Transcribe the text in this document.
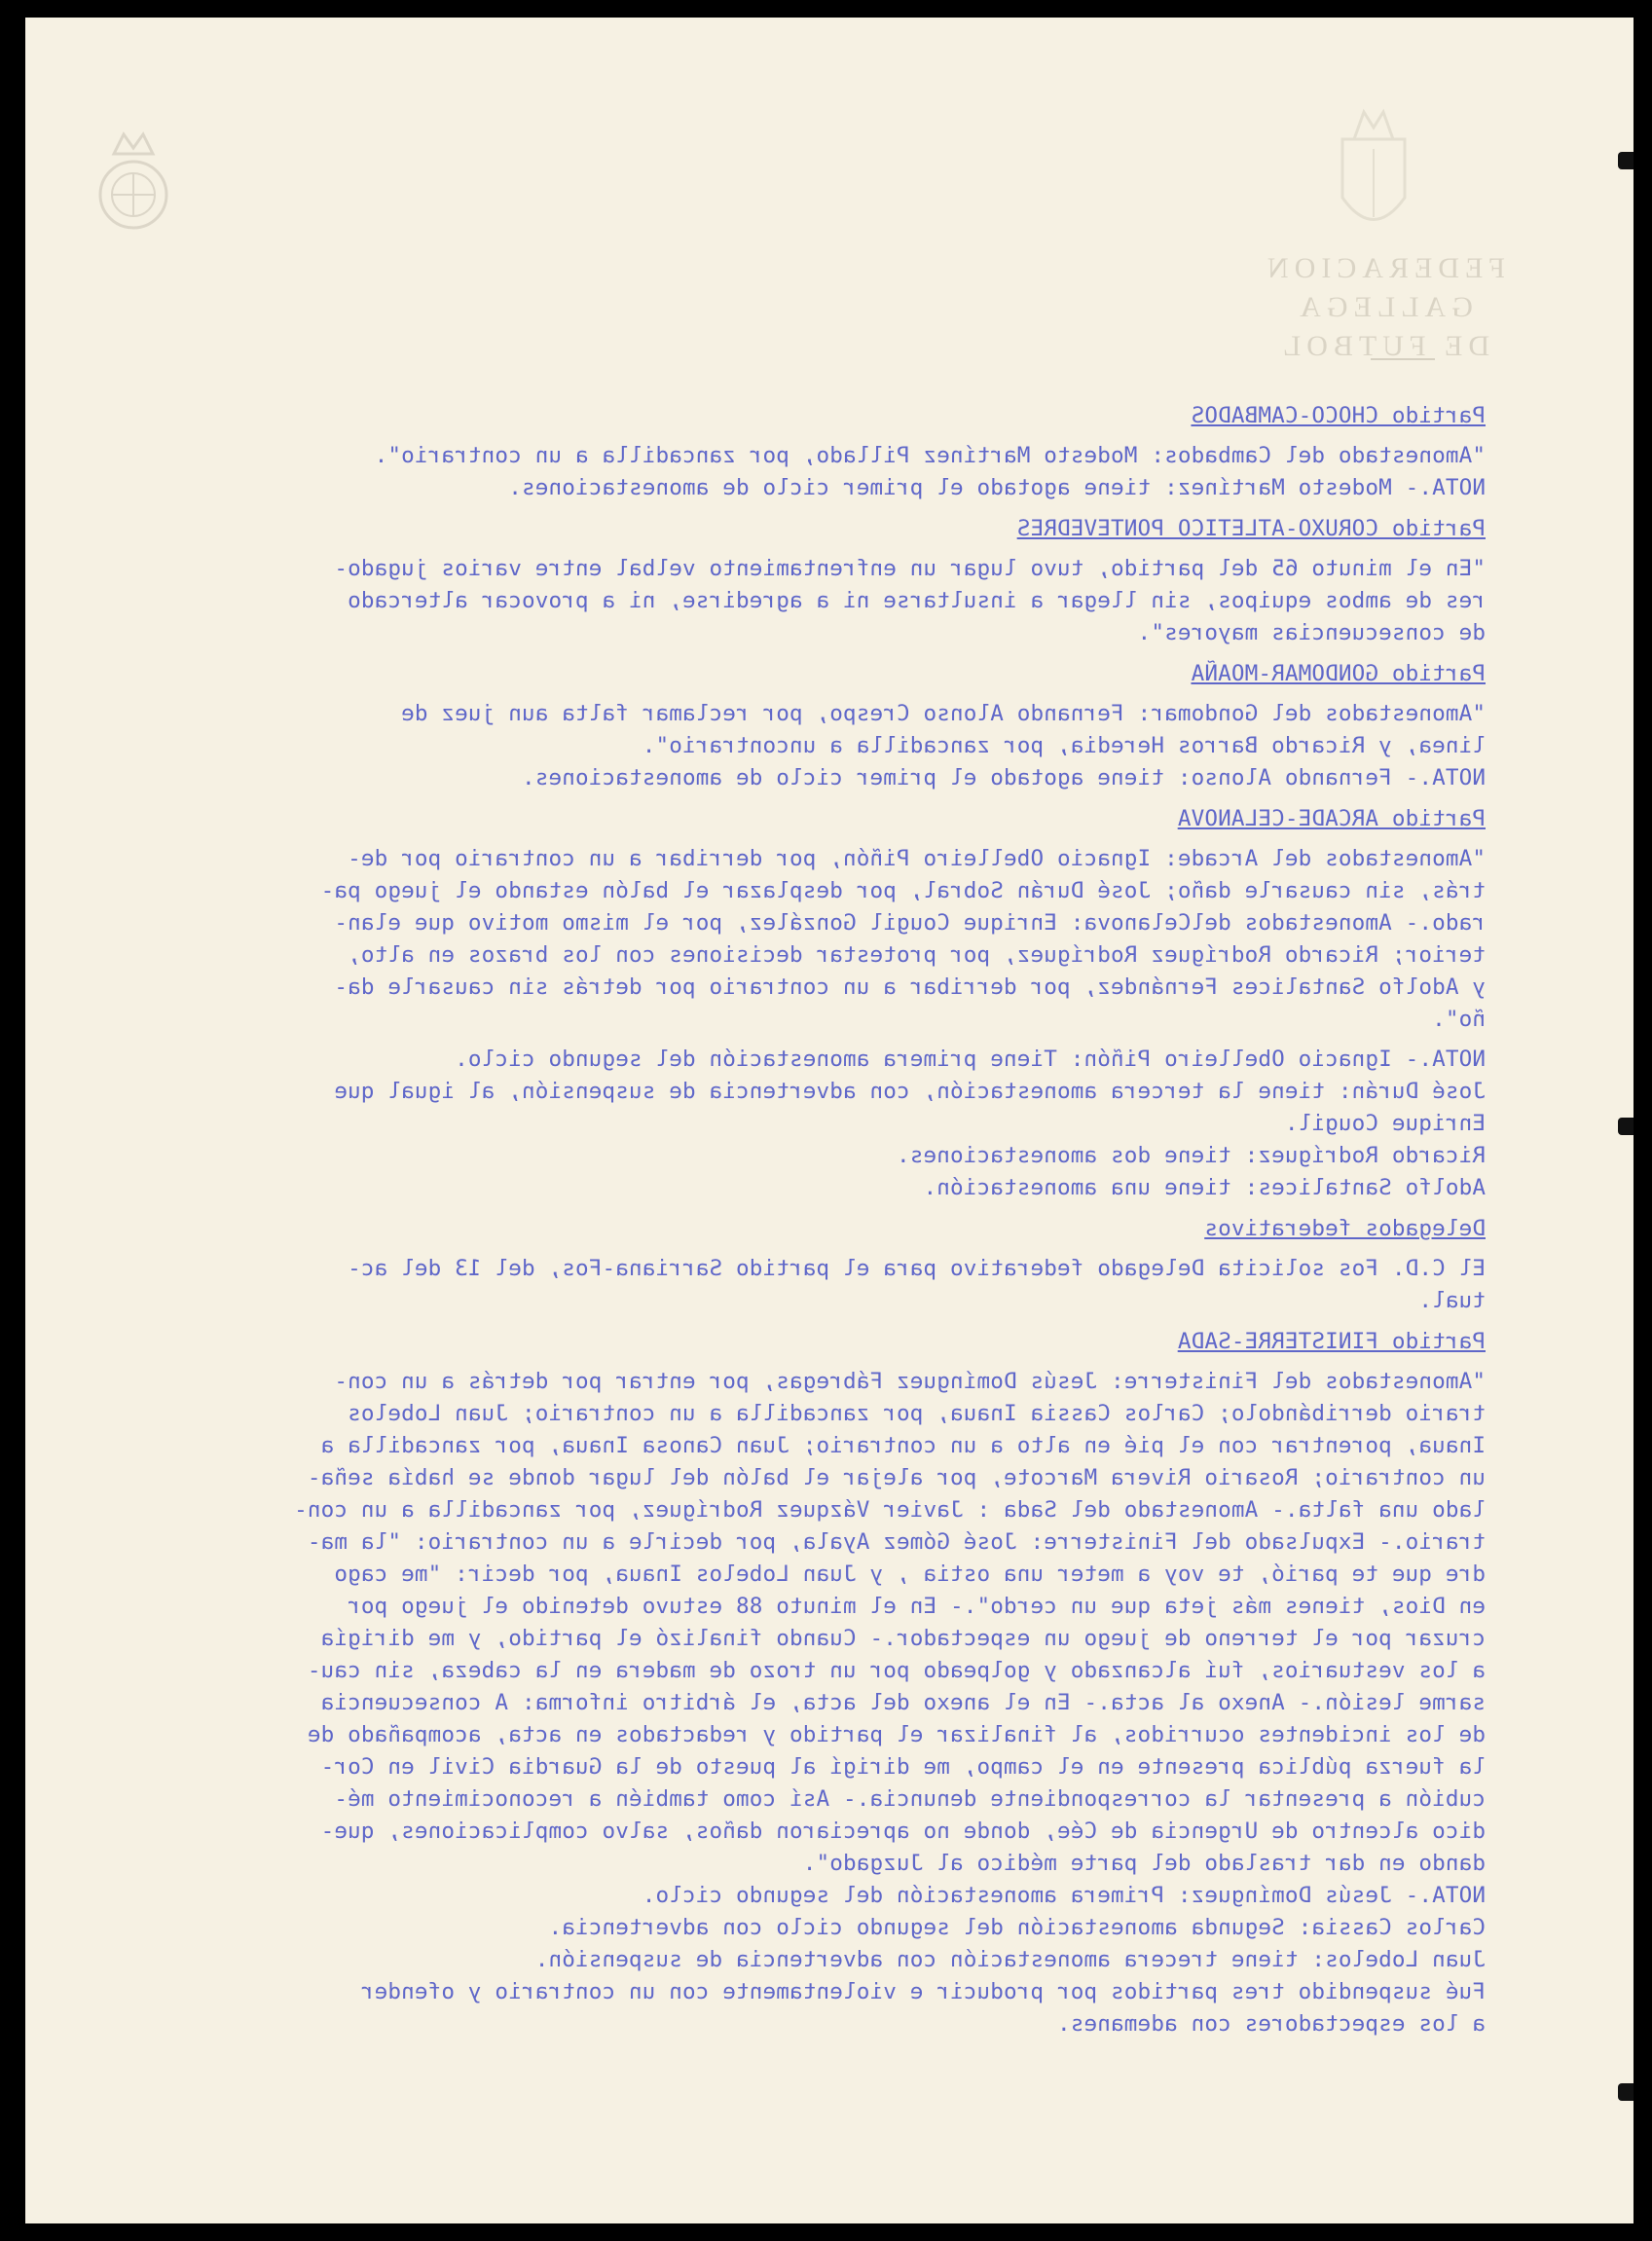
FEDERACION GALLEGA
DE FUTBOL

Partido CHOCO-CAMBADOS

"Amonestado del Cambados: Modesto Martínez Pillado, por zancadilla a un contrario".

NOTA.- Modesto Martínez: tiene agotado el primer ciclo de amonestaciones.

Partido CORUXO-ATLETICO PONTEVEDRES

"En el minuto 65 del partido, tuvo lugar un enfrentamiento velbal entre varios jugado-

res de ambos equipos, sin llegar a insultarse ni a agredirse, ni a provocar altercado

de consecuencias mayores".

Partido GONDOMAR-MOAÑA

"Amonestados del Gondomar: Fernando Alonso Crespo, por reclamar falta aun juez de

linea, y Ricardo Barros Heredia, por zancadilla a uncontrario".

NOTA.- Fernando Alonso: tiene agotado el primer ciclo de amonestaciones.

Partido ARCADE-CELANOVA

"Amonestados del Arcade: Ignacio Obelleiro Piñón, por derribar a un contrario por de-

trás, sin causarle daño; José Durán Sobral, por desplazar el balón estando el juego pa-

rado.- Amonestados delCelanova: Enrique Cougil González, por el mismo motivo que elan-

terior; Ricardo Rodríguez Rodríguez, por protestar decisiones con los brazos en alto,

y Adolfo Santalices Fernández, por derribar a un contrario por detrás sin causarle da-

ño".

NOTA.- Ignacio Obelleiro Piñón: Tiene primera amonestación del segundo ciclo.

José Durán: tiene la tercera amonestación, con advertencia de suspensión, al igual que

Enrique Cougil.

Ricardo Rodríguez: tiene dos amonestaciones.

Adolfo Santalices: tiene una amonestación.

Delegados federativos

El C.D. Fos solicita Delegado federativo para el partido Sarriana-Fos, del 13 del ac-

tual.

Partido FINISTERRE-SADA

"Amonestados del Finisterre: Jesús Domínguez Fábregas, por entrar por detrás a un con-

trario derribándolo; Carlos Cassia Inaua, por zancadilla a un contrario; Juan Lobelos

Inaua, porentrar con el pié en alto a un contrario; Juan Canosa Inaua, por zancadilla a

un contrario; Rosario Rivera Marcote, por alejar el balón del lugar donde se había seña-

lado una falta.- Amonestado del Sada : Javier Vázquez Rodríguez, por zancadilla a un con-

trario.- Expulsado del Finisterre: José Gómez Ayala, por decirle a un contrario: "la ma-

dre que te parió, te voy a meter una ostia , y Juan Lobelos Inaua, por decir: "me cago

en Dios, tienes más jeta que un cerdo".- En el minuto 88 estuvo detenido el juego por

cruzar por el terreno de juego un espectador.- Cuando finalizó el partido, y me dirigía

a los vestuarios, fuí alcanzado y golpeado por un trozo de madera en la cabeza, sin cau-

sarme lesión.- Anexo al acta.- En el anexo del acta, el árbitro informa: A consecuencia

de los incidentes ocurridos, al finalizar el partido y redactados en acta, acompañado de

la fuerza pública presente en el campo, me dirigí al puesto de la Guardia Civil en Cor-

cubión a presentar la correspondiente denuncia.- Así como también a reconocimiento mé-

dico alcentro de Urgencia de Cée, donde no apreciaron daños, salvo complicaciones, que-

dando en dar traslado del parte médico al Juzgado".

NOTA.- Jesús Domínguez: Primera amonestación del segundo ciclo.

Carlos Cassia: Segunda amonestación del segundo ciclo con advertencia.

Juan Lobelos: tiene trecera amonestación con advertencia de suspensión.

Fué suspendido tres partidos por producir e violentamente con un contrario y ofender

a los espectadores con ademanes.
